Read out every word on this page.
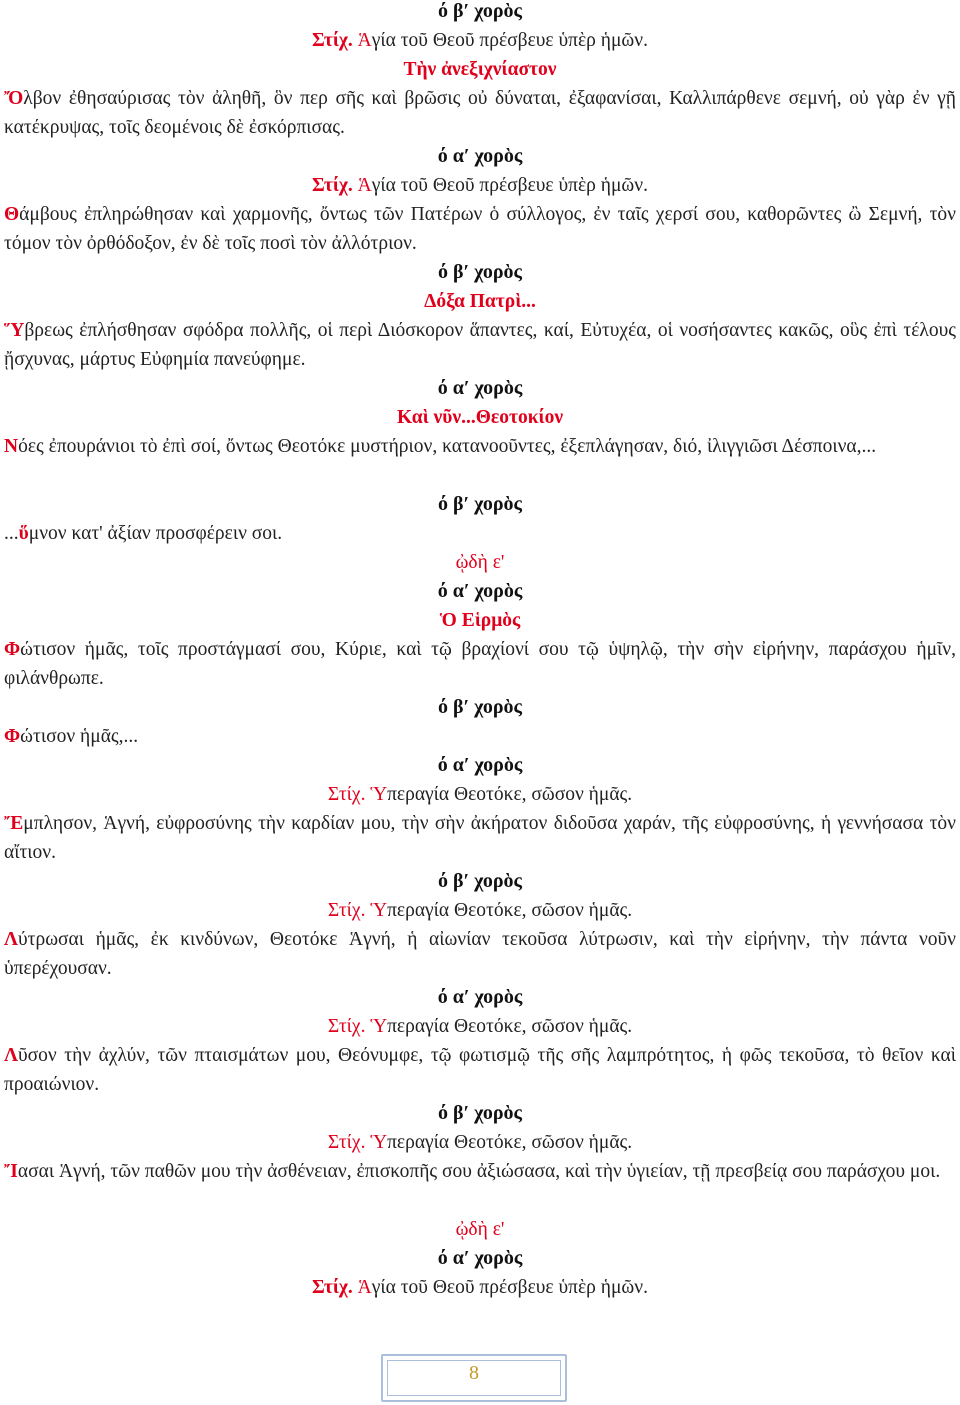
ό β′ χορὸς
Στίχ. Ἁγία τοῦ Θεοῦ πρέσβευε ὑπὲρ ἡμῶν.
Τὴν ἀνεξιχνίαστον
Ὄλβον ἐθησαύρισας τὸν ἀληθῆ, ὃν περ σῆς καὶ βρῶσις οὐ δύναται, ἐξαφανίσαι, Καλλιπάρθενε σεμνή, οὐ γὰρ ἐν γῇ κατέκρυψας, τοῖς δεομένοις δὲ ἐσκόρπισας.
ό α′ χορὸς
Στίχ. Ἁγία τοῦ Θεοῦ πρέσβευε ὑπὲρ ἡμῶν.
Θάμβους ἐπληρώθησαν καὶ χαρμονῆς, ὄντως τῶν Πατέρων ὁ σύλλογος, ἐν ταῖς χερσί σου, καθορῶντες ὢ Σεμνή, τὸν τόμον τὸν ὀρθόδοξον, ἐν δὲ τοῖς ποσὶ τὸν ἀλλότριον.
ό β′ χορὸς
Δόξα Πατρὶ...
Ὕβρεως ἐπλήσθησαν σφόδρα πολλῆς, οἱ περὶ Διόσκορον ἅπαντες, καί, Εὐτυχέα, οἱ νοσήσαντες κακῶς, οὓς ἐπὶ τέλους ᾔσχυνας, μάρτυς Εὐφημία πανεύφημε.
ό α′ χορὸς
Καὶ νῦν...Θεοτοκίον
Νόες ἐπουράνιοι τὸ ἐπὶ σοί, ὄντως Θεοτόκε μυστήριον, κατανοοῦντες, ἐξεπλάγησαν, διό, ἰλιγγιῶσι Δέσποινα,...
ό β′ χορὸς
...ὕμνον κατ' ἀξίαν προσφέρειν σοι.
ᾠδὴ ε'
ό α′ χορὸς
Ὁ Εἱρμὸς
Φώτισον ἡμᾶς, τοῖς προστάγμασί σου, Κύριε, καὶ τῷ βραχίονί σου τῷ ὑψηλῷ, τὴν σὴν εἰρήνην, παράσχου ἡμῖν, φιλάνθρωπε.
ό β′ χορὸς
Φώτισον ἡμᾶς,...
ό α′ χορὸς
Στίχ. Ὑπεραγία Θεοτόκε, σῶσον ἡμᾶς.
Ἔμπλησον, Ἁγνή, εὐφροσύνης τὴν καρδίαν μου, τὴν σὴν ἀκήρατον διδοῦσα χαράν, τῆς εὐφροσύνης, ἡ γεννήσασα τὸν αἴτιον.
ό β′ χορὸς
Στίχ. Ὑπεραγία Θεοτόκε, σῶσον ἡμᾶς.
Λύτρωσαι ἡμᾶς, ἐκ κινδύνων, Θεοτόκε Ἁγνή, ἡ αἰωνίαν τεκοῦσα λύτρωσιν, καὶ τὴν εἰρήνην, τὴν πάντα νοῦν ὑπερέχουσαν.
ό α′ χορὸς
Στίχ. Ὑπεραγία Θεοτόκε, σῶσον ἡμᾶς.
Λῦσον τὴν ἀχλύν, τῶν πταισμάτων μου, Θεόνυμφε, τῷ φωτισμῷ τῆς σῆς λαμπρότητος, ἡ φῶς τεκοῦσα, τὸ θεῖον καὶ προαιώνιον.
ό β′ χορὸς
Στίχ. Ὑπεραγία Θεοτόκε, σῶσον ἡμᾶς.
Ἴασαι Ἁγνή, τῶν παθῶν μου τὴν ἀσθένειαν, ἐπισκοπῆς σου ἀξιώσασα, καὶ τὴν ὑγιείαν, τῇ πρεσβείᾳ σου παράσχου μοι.
ᾠδὴ ε'
ό α′ χορὸς
Στίχ. Ἁγία τοῦ Θεοῦ πρέσβευε ὑπὲρ ἡμῶν.
8
